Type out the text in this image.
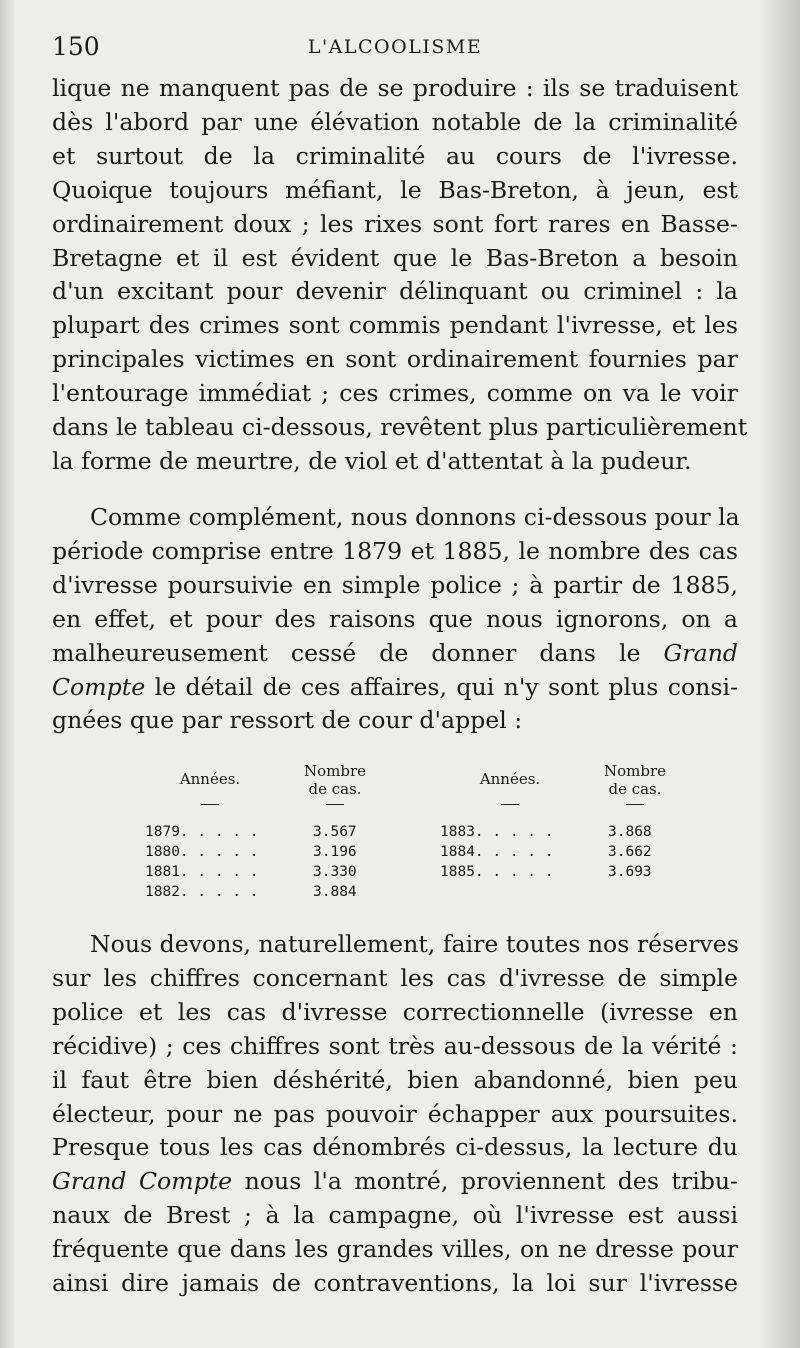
150	L'ALCOOLISME
lique ne manquent pas de se produire : ils se traduisent
dès l'abord par une élévation notable de la criminalité
et surtout de la criminalité au cours de l'ivresse.
Quoique toujours méfiant, le Bas-Breton, à jeun, est
ordinairement doux ; les rixes sont fort rares en Basse-
Bretagne et il est évident que le Bas-Breton a besoin
d'un excitant pour devenir délinquant ou criminel : la
plupart des crimes sont commis pendant l'ivresse, et les
principales victimes en sont ordinairement fournies par
l'entourage immédiat ; ces crimes, comme on va le voir
dans le tableau ci-dessous, revêtent plus particulièrement
la forme de meurtre, de viol et d'attentat à la pudeur.
Comme complément, nous donnons ci-dessous pour la
période comprise entre 1879 et 1885, le nombre des cas
d'ivresse poursuivie en simple police ; à partir de 1885,
en effet, et pour des raisons que nous ignorons, on a
malheureusement cessé de donner dans le Grand
Compte le détail de ces affaires, qui n'y sont plus consi-
gnées que par ressort de cour d'appel :
Années.	Nombre
de cas.
Années.	Nombre
de cas.
1879. . . . .	3.567
1880. . . . .	3.196
1881. . . . .	3.330
1882. . . . .	3.884
1883. . . . .	3.868
1884. . . . .	3.662
1885. . . . .	3.693
Nous devons, naturellement, faire toutes nos réserves
sur les chiffres concernant les cas d'ivresse de simple
police et les cas d'ivresse correctionnelle (ivresse en
récidive) ; ces chiffres sont très au-dessous de la vérité :
il faut être bien déshérité, bien abandonné, bien peu
électeur, pour ne pas pouvoir échapper aux poursuites.
Presque tous les cas dénombrés ci-dessus, la lecture du
Grand Compte nous l'a montré, proviennent des tribu-
naux de Brest ; à la campagne, où l'ivresse est aussi
fréquente que dans les grandes villes, on ne dresse pour
ainsi dire jamais de contraventions, la loi sur l'ivresse
